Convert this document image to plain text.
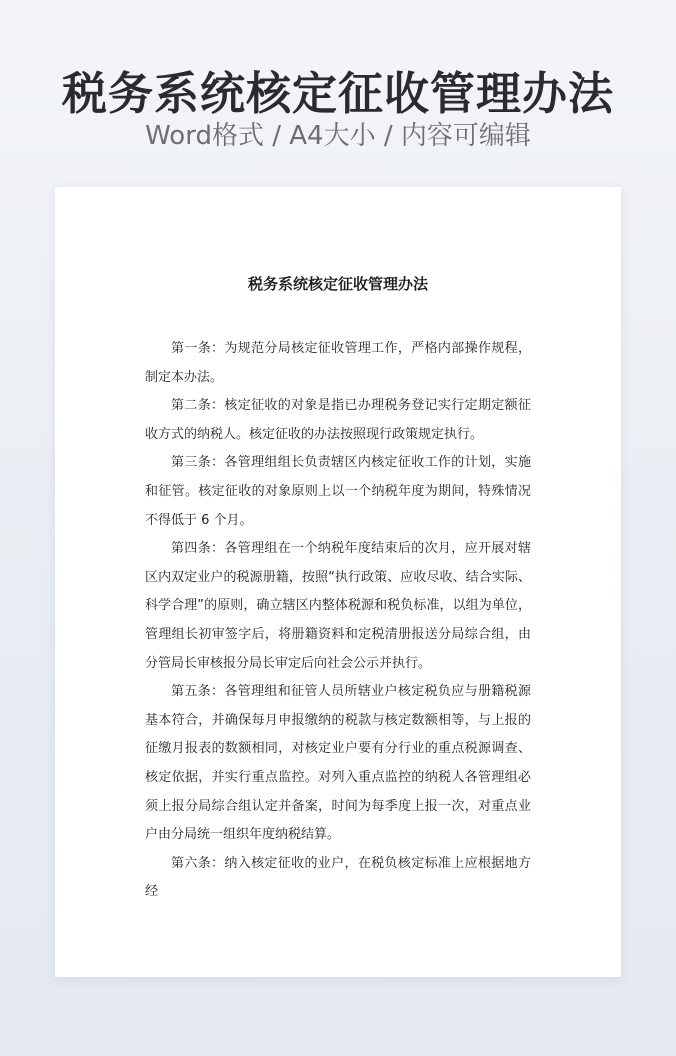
税务系统核定征收管理办法
Word格式 / A4大小 / 内容可编辑
税务系统核定征收管理办法

第一条：为规范分局核定征收管理工作，严格内部操作规程，制定本办法。

第二条：核定征收的对象是指已办理税务登记实行定期定额征收方式的纳税人。核定征收的办法按照现行政策规定执行。

第三条：各管理组组长负责辖区内核定征收工作的计划，实施和征管。核定征收的对象原则上以一个纳税年度为期间，特殊情况不得低于 6 个月。

第四条：各管理组在一个纳税年度结束后的次月，应开展对辖区内双定业户的税源册籍，按照“执行政策、应收尽收、结合实际、科学合理”的原则，确立辖区内整体税源和税负标准，以组为单位，管理组长初审签字后，将册籍资料和定税清册报送分局综合组，由分管局长审核报分局长审定后向社会公示并执行。

第五条：各管理组和征管人员所辖业户核定税负应与册籍税源基本符合，并确保每月申报缴纳的税款与核定数额相等，与上报的征缴月报表的数额相同，对核定业户要有分行业的重点税源调查、核定依据，并实行重点监控。对列入重点监控的纳税人各管理组必须上报分局综合组认定并备案，时间为每季度上报一次，对重点业户由分局统一组织年度纳税结算。

第六条：纳入核定征收的业户，在税负核定标准上应根据地方经
